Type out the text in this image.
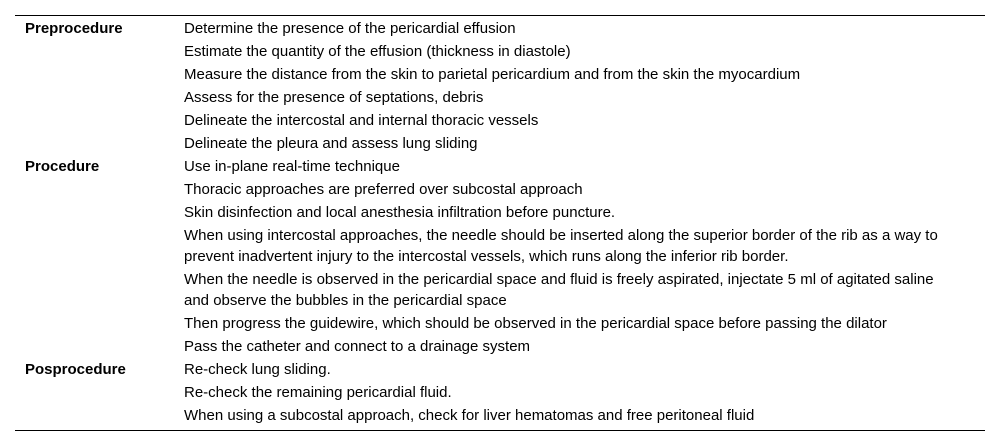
Preprocedure	Determine the presence of the pericardial effusion
	Estimate the quantity of the effusion (thickness in diastole)
	Measure the distance from the skin to parietal pericardium and from the skin the myocardium
	Assess for the presence of septations, debris
	Delineate the intercostal and internal thoracic vessels
	Delineate the pleura and assess lung sliding
Procedure	Use in-plane real-time technique
	Thoracic approaches are preferred over subcostal approach
	Skin disinfection and local anesthesia infiltration before puncture.
	When using intercostal approaches, the needle should be inserted along the superior border of the rib as a way to prevent inadvertent injury to the intercostal vessels, which runs along the inferior rib border.
	When the needle is observed in the pericardial space and fluid is freely aspirated, injectate 5 ml of agitated saline and observe the bubbles in the pericardial space
	Then progress the guidewire, which should be observed in the pericardial space before passing the dilator
	Pass the catheter and connect to a drainage system
Posprocedure	Re-check lung sliding.
	Re-check the remaining pericardial fluid.
	When using a subcostal approach, check for liver hematomas and free peritoneal fluid
